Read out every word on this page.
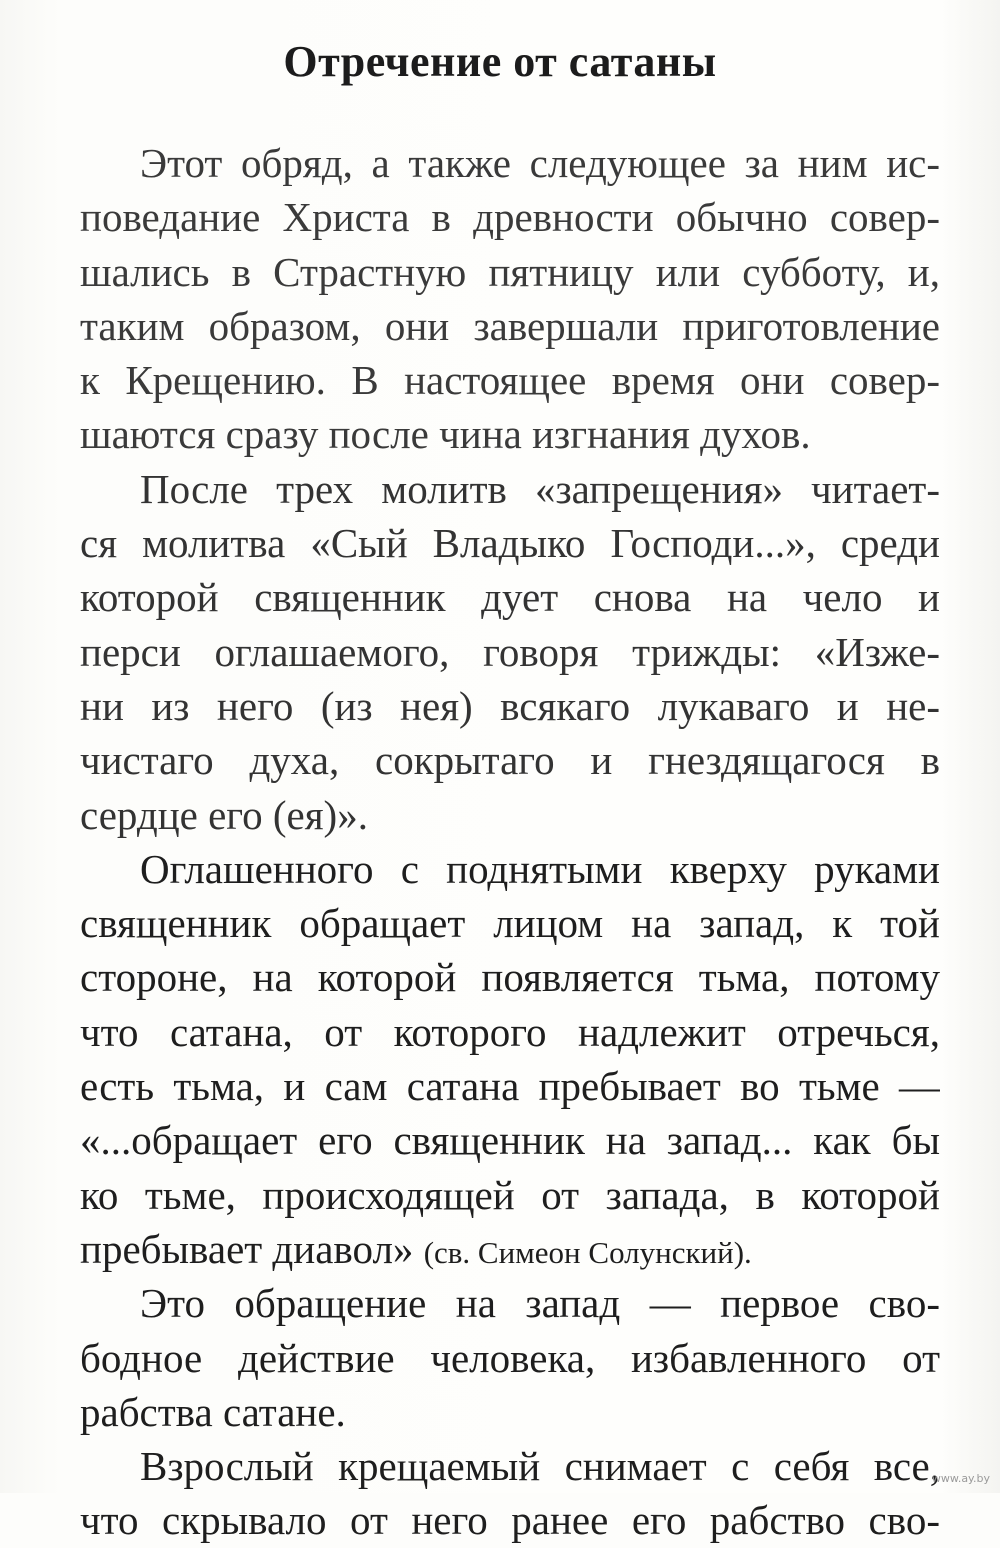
Отречение от сатаны
Этот обряд, а также следующее за ним ис-
поведание Христа в древности обычно совер-
шались в Страстную пятницу или субботу, и,
таким образом, они завершали приготовление
к Крещению. В настоящее время они совер-
шаются сразу после чина изгнания духов.
После трех молитв «запрещения» читает-
ся молитва «Сый Владыко Господи...», среди
которой священник дует снова на чело и
перси оглашаемого, говоря трижды: «Изже-
ни из него (из нея) всякаго лукаваго и не-
чистаго духа, сокрытаго и гнездящагося в
сердце его (ея)».
Оглашенного с поднятыми кверху руками
священник обращает лицом на запад, к той
стороне, на которой появляется тьма, потому
что сатана, от которого надлежит отречься,
есть тьма, и сам сатана пребывает во тьме —
«...обращает его священник на запад... как бы
ко тьме, происходящей от запада, в которой
пребывает диавол» (св. Симеон Солунский).
Это обращение на запад — первое сво-
бодное действие человека, избавленного от
рабства сатане.
Взрослый крещаемый снимает с себя все,
что скрывало от него ранее его рабство сво-
www.ay.by
